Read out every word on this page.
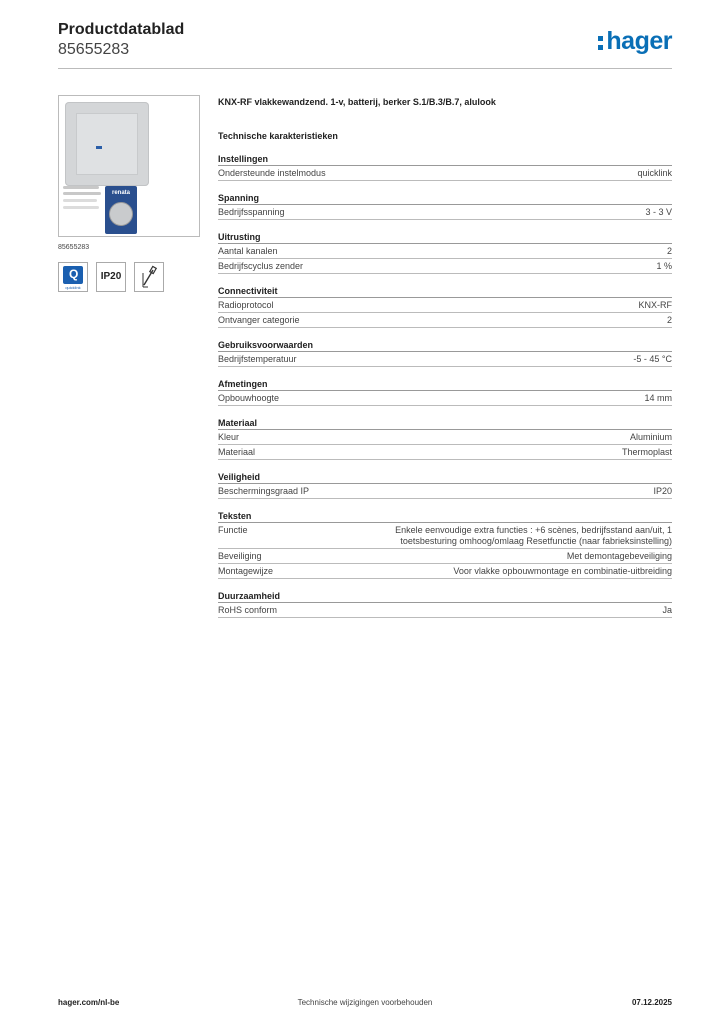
Productdatablad
85655283	hager
renata
85655283
Q
quicklink
IP20
KNX-RF vlakkewandzend. 1-v, batterij, berker S.1/B.3/B.7, alulook
Technische karakteristieken
Instellingen
Ondersteunde instelmodus	quicklink
Spanning
Bedrijfsspanning	3 - 3 V
Uitrusting
Aantal kanalen	2
Bedrijfscyclus zender	1 %
Connectiviteit
Radioprotocol	KNX-RF
Ontvanger categorie	2
Gebruiksvoorwaarden
Bedrijfstemperatuur	-5 - 45 °C
Afmetingen
Opbouwhoogte	14 mm
Materiaal
Kleur	Aluminium
Materiaal	Thermoplast
Veiligheid
Beschermingsgraad IP	IP20
Teksten
Functie	Enkele eenvoudige extra functies : +6 scènes, bedrijfsstand aan/uit, 1 toetsbesturing omhoog/omlaag Resetfunctie (naar fabrieksinstelling)
Beveiliging	Met demontagebeveiliging
Montagewijze	Voor vlakke opbouwmontage en combinatie-uitbreiding
Duurzaamheid
RoHS conform	Ja
Technische wijzigingen voorbehouden
hager.com/nl-be	07.12.2025
